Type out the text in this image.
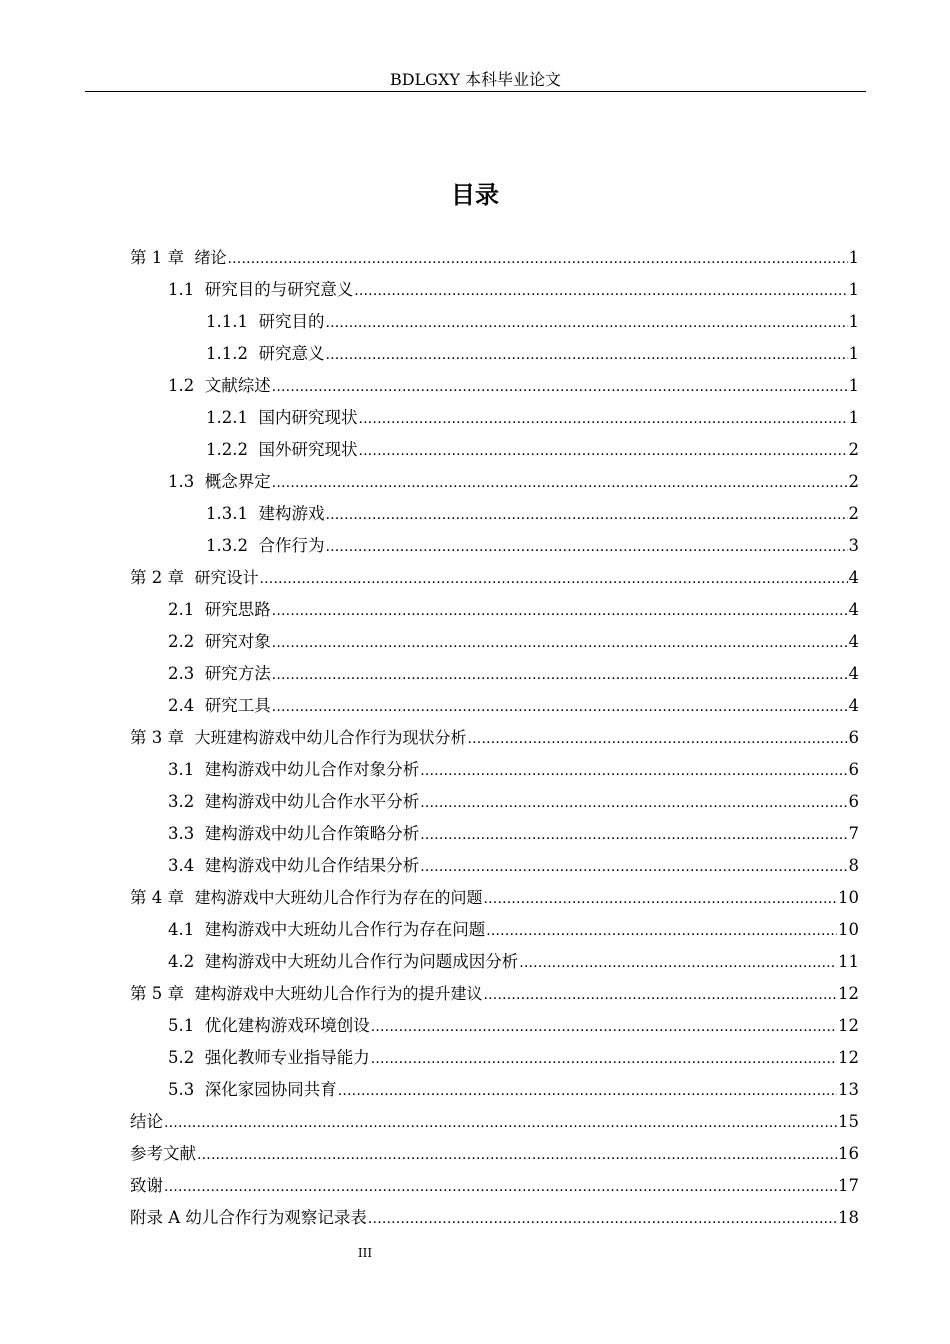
BDLGXY 本科毕业论文
目录
第 1 章 绪论 .....	1
1.1 研究目的与研究意义 .....	1
1.1.1 研究目的 .....	1
1.1.2 研究意义 .....	1
1.2 文献综述 .....	1
1.2.1 国内研究现状 .....	1
1.2.2 国外研究现状 .....	2
1.3 概念界定 .....	2
1.3.1 建构游戏 .....	2
1.3.2 合作行为 .....	3
第 2 章 研究设计 .....	4
2.1 研究思路 .....	4
2.2 研究对象 .....	4
2.3 研究方法 .....	4
2.4 研究工具 .....	4
第 3 章 大班建构游戏中幼儿合作行为现状分析 .....	6
3.1 建构游戏中幼儿合作对象分析 .....	6
3.2 建构游戏中幼儿合作水平分析 .....	6
3.3 建构游戏中幼儿合作策略分析 .....	7
3.4 建构游戏中幼儿合作结果分析 .....	8
第 4 章 建构游戏中大班幼儿合作行为存在的问题 .....	10
4.1 建构游戏中大班幼儿合作行为存在问题 .....	10
4.2 建构游戏中大班幼儿合作行为问题成因分析 .....	11
第 5 章 建构游戏中大班幼儿合作行为的提升建议 .....	12
5.1 优化建构游戏环境创设 .....	12
5.2 强化教师专业指导能力 .....	12
5.3 深化家园协同共育 .....	13
结论 .....	15
参考文献 .....	16
致谢 .....	17
附录 A 幼儿合作行为观察记录表 .....	18
III
